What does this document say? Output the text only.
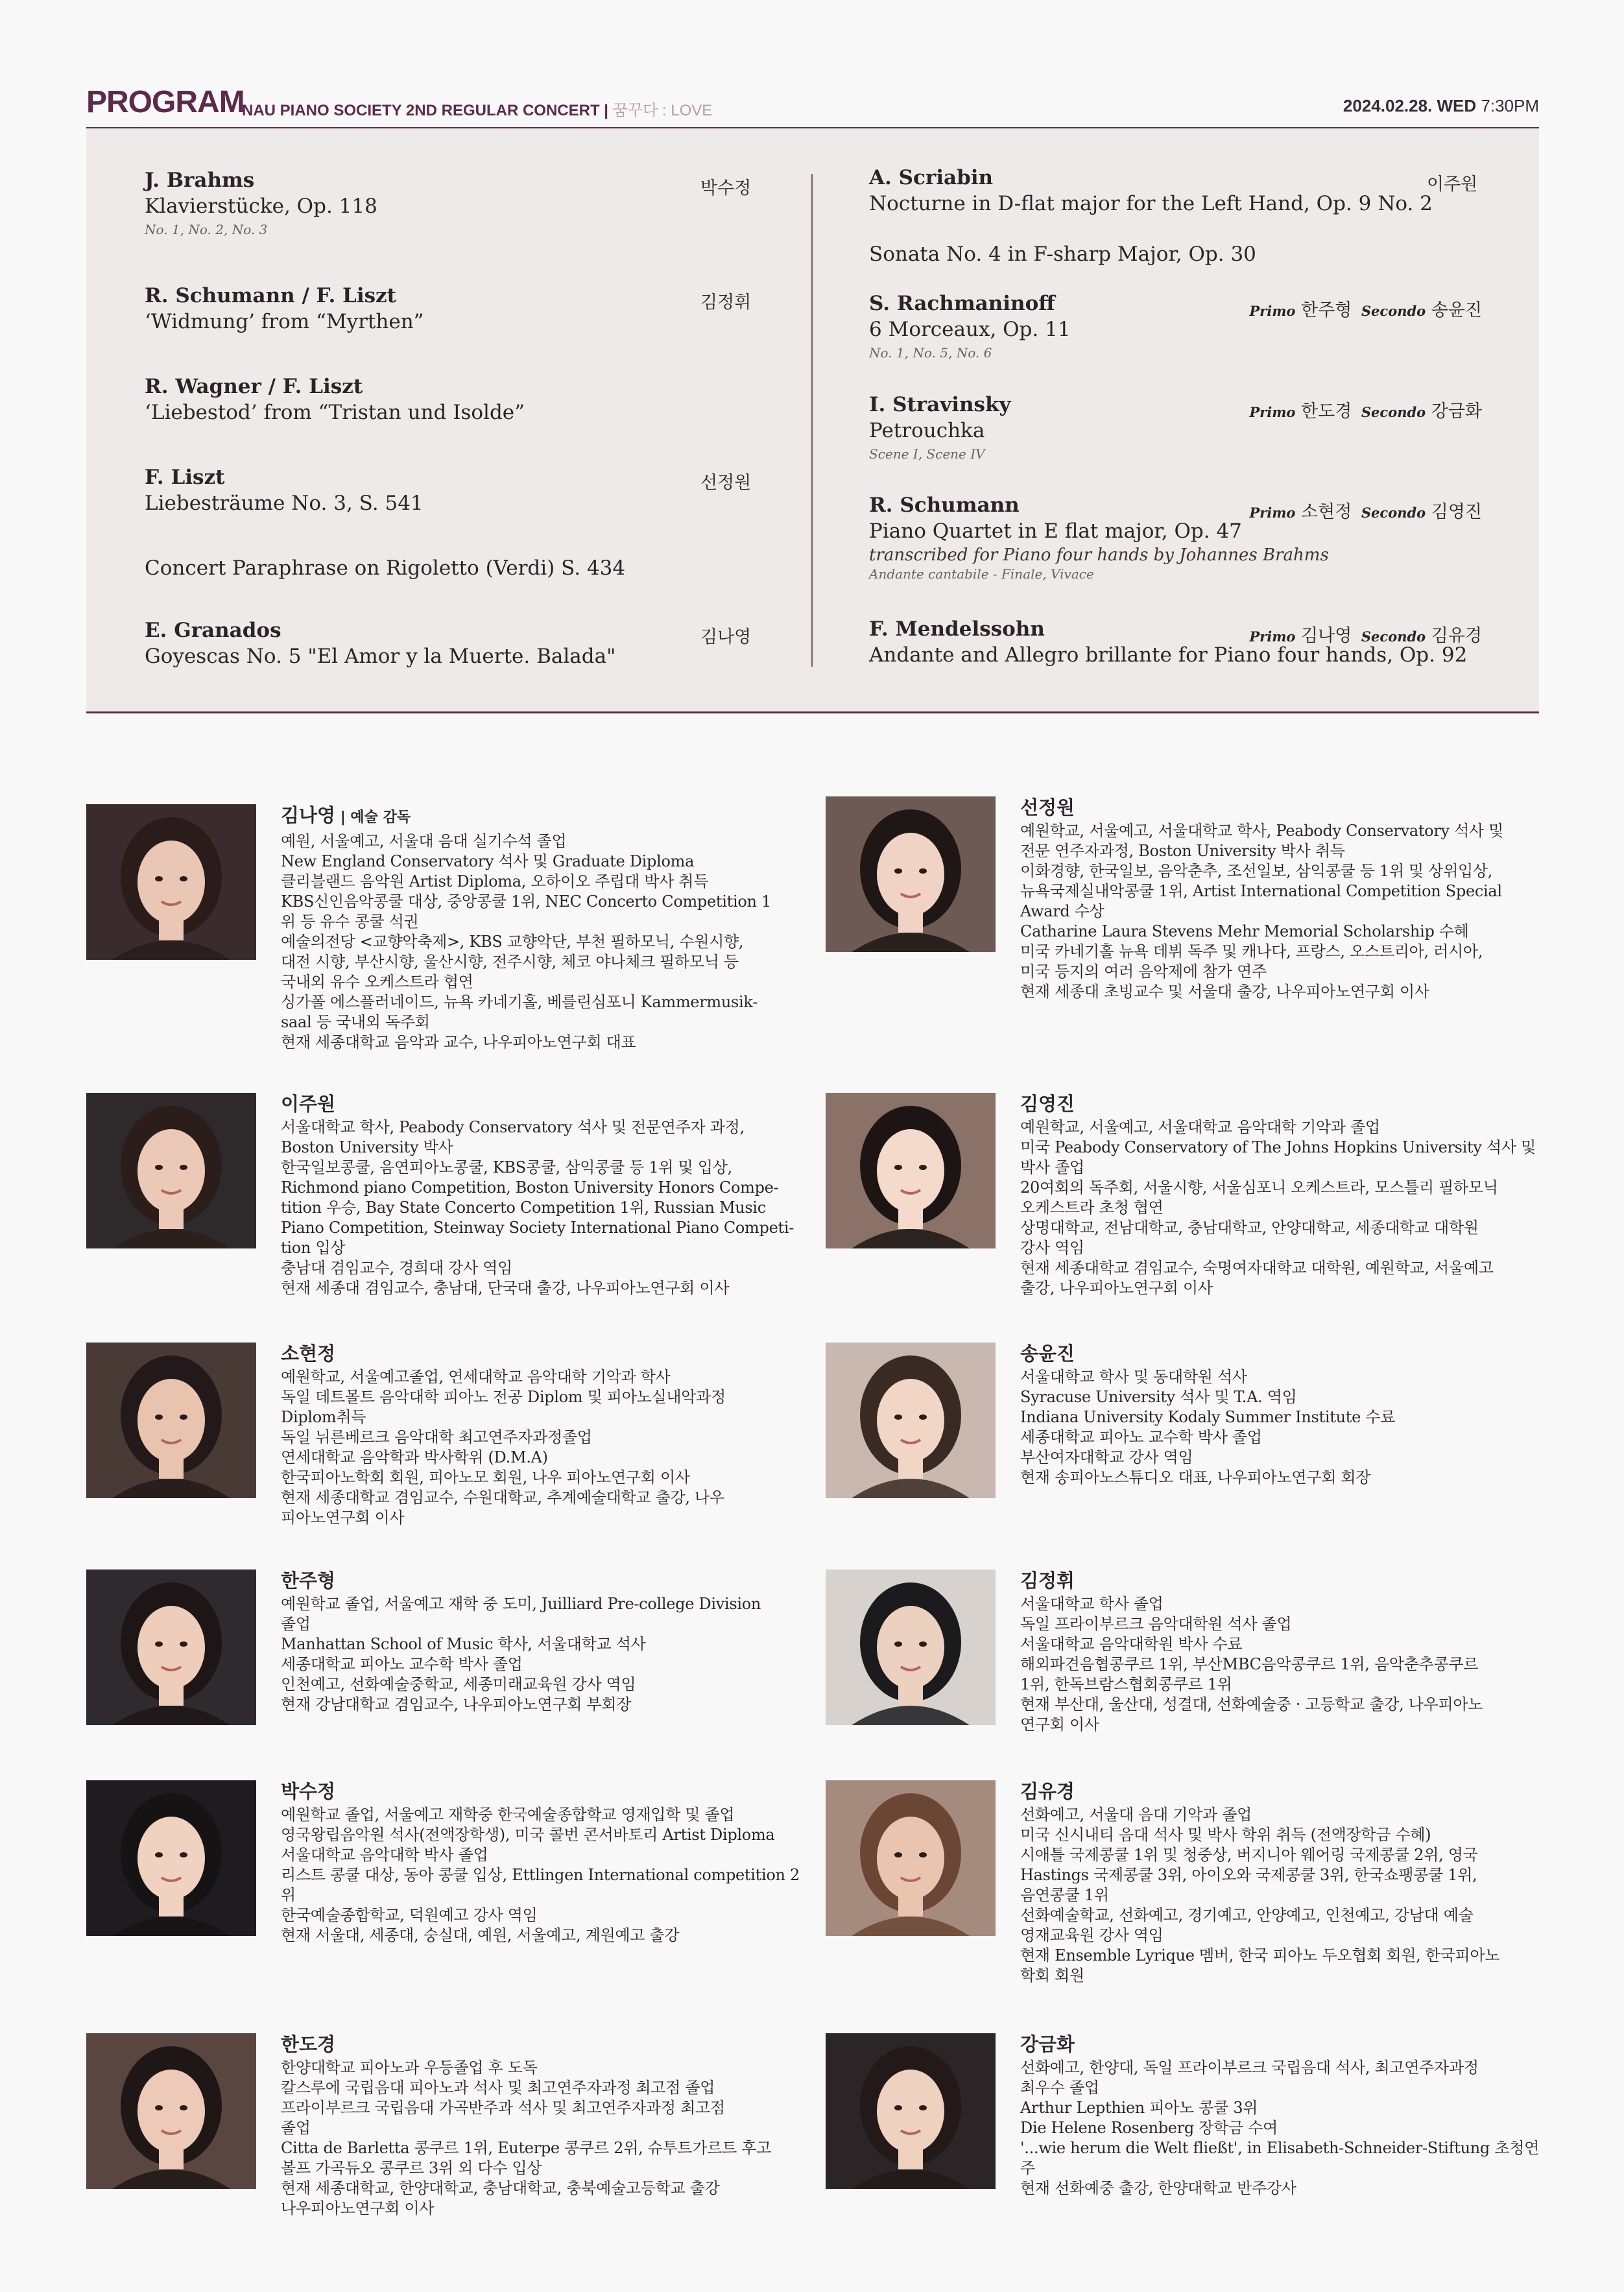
PROGRAM
NAU PIANO SOCIETY 2ND REGULAR CONCERT | 꿈꾸다 : LOVE	2024.02.28. WED 7:30PM
J. Brahms
Klavierstücke, Op. 118
No. 1, No. 2, No. 3
박수정
R. Schumann / F. Liszt
‘Widmung’ from “Myrthen”
김정휘
R. Wagner / F. Liszt
‘Liebestod’ from “Tristan und Isolde”
F. Liszt
Liebesträume No. 3, S. 541
선정원
Concert Paraphrase on Rigoletto (Verdi) S. 434
E. Granados
Goyescas No. 5 "El Amor y la Muerte. Balada"
김나영
A. Scriabin
Nocturne in D-flat major for the Left Hand, Op. 9 No. 2
이주원
Sonata No. 4 in F-sharp Major, Op. 30
S. Rachmaninoff
6 Morceaux, Op. 11
No. 1, No. 5, No. 6
Primo 한주형 Secondo 송윤진
I. Stravinsky
Petrouchka
Scene I, Scene IV
Primo 한도경 Secondo 강금화
R. Schumann
Piano Quartet in E flat major, Op. 47
transcribed for Piano four hands by Johannes Brahms
Andante cantabile - Finale, Vivace
Primo 소현정 Secondo 김영진
F. Mendelssohn
Andante and Allegro brillante for Piano four hands, Op. 92
Primo 김나영 Secondo 김유경
김나영 | 예술 감독
예원, 서울예고, 서울대 음대 실기수석 졸업
New England Conservatory 석사 및 Graduate Diploma
클리블랜드 음악원 Artist Diploma, 오하이오 주립대 박사 취득
KBS신인음악콩쿨 대상, 중앙콩쿨 1위, NEC Concerto Competition 1
위 등 유수 콩쿨 석권
예술의전당 <교향악축제>, KBS 교향악단, 부천 필하모닉, 수원시향,
대전 시향, 부산시향, 울산시향, 전주시향, 체코 야나체크 필하모닉 등
국내외 유수 오케스트라 협연
싱가폴 에스플러네이드, 뉴욕 카네기홀, 베를린심포니 Kammermusik-
saal 등 국내외 독주회
현재 세종대학교 음악과 교수, 나우피아노연구회 대표
선정원
예원학교, 서울예고, 서울대학교 학사, Peabody Conservatory 석사 및
전문 연주자과정, Boston University 박사 취득
이화경향, 한국일보, 음악춘추, 조선일보, 삼익콩쿨 등 1위 및 상위입상,
뉴욕국제실내악콩쿨 1위, Artist International Competition Special
Award 수상
Catharine Laura Stevens Mehr Memorial Scholarship 수혜
미국 카네기홀 뉴욕 데뷔 독주 및 캐나다, 프랑스, 오스트리아, 러시아,
미국 등지의 여러 음악제에 참가 연주
현재 세종대 초빙교수 및 서울대 출강, 나우피아노연구회 이사
이주원
서울대학교 학사, Peabody Conservatory 석사 및 전문연주자 과정,
Boston University 박사
한국일보콩쿨, 음연피아노콩쿨, KBS콩쿨, 삼익콩쿨 등 1위 및 입상,
Richmond piano Competition, Boston University Honors Compe-
tition 우승, Bay State Concerto Competition 1위, Russian Music
Piano Competition, Steinway Society International Piano Competi-
tion 입상
충남대 겸임교수, 경희대 강사 역임
현재 세종대 겸임교수, 충남대, 단국대 출강, 나우피아노연구회 이사
김영진
예원학교, 서울예고, 서울대학교 음악대학 기악과 졸업
미국 Peabody Conservatory of The Johns Hopkins University 석사 및
박사 졸업
20여회의 독주회, 서울시향, 서울심포니 오케스트라, 모스틀리 필하모닉
오케스트라 초청 협연
상명대학교, 전남대학교, 충남대학교, 안양대학교, 세종대학교 대학원
강사 역임
현재 세종대학교 겸임교수, 숙명여자대학교 대학원, 예원학교, 서울예고
출강, 나우피아노연구회 이사
소현정
예원학교, 서울예고졸업, 연세대학교 음악대학 기악과 학사
독일 데트몰트 음악대학 피아노 전공 Diplom 및 피아노실내악과정
Diplom취득
독일 뉘른베르크 음악대학 최고연주자과정졸업
연세대학교 음악학과 박사학위 (D.M.A)
한국피아노학회 회원, 피아노모 회원, 나우 피아노연구회 이사
현재 세종대학교 겸임교수, 수원대학교, 추계예술대학교 출강, 나우
피아노연구회 이사
송윤진
서울대학교 학사 및 동대학원 석사
Syracuse University 석사 및 T.A. 역임
Indiana University Kodaly Summer Institute 수료
세종대학교 피아노 교수학 박사 졸업
부산여자대학교 강사 역임
현재 송피아노스튜디오 대표, 나우피아노연구회 회장
한주형
예원학교 졸업, 서울예고 재학 중 도미, Juilliard Pre-college Division
졸업
Manhattan School of Music 학사, 서울대학교 석사
세종대학교 피아노 교수학 박사 졸업
인천예고, 선화예술중학교, 세종미래교육원 강사 역임
현재 강남대학교 겸임교수, 나우피아노연구회 부회장
김정휘
서울대학교 학사 졸업
독일 프라이부르크 음악대학원 석사 졸업
서울대학교 음악대학원 박사 수료
해외파견음협콩쿠르 1위, 부산MBC음악콩쿠르 1위, 음악춘추콩쿠르
1위, 한독브람스협회콩쿠르 1위
현재 부산대, 울산대, 성결대, 선화예술중 · 고등학교 출강, 나우피아노
연구회 이사
박수정
예원학교 졸업, 서울예고 재학중 한국예술종합학교 영재입학 및 졸업
영국왕립음악원 석사(전액장학생), 미국 콜번 콘서바토리 Artist Diploma
서울대학교 음악대학 박사 졸업
리스트 콩쿨 대상, 동아 콩쿨 입상, Ettlingen International competition 2위
한국예술종합학교, 덕원예고 강사 역임
현재 서울대, 세종대, 숭실대, 예원, 서울예고, 계원예고 출강
김유경
선화예고, 서울대 음대 기악과 졸업
미국 신시내티 음대 석사 및 박사 학위 취득 (전액장학금 수혜)
시애틀 국제콩쿨 1위 및 청중상, 버지니아 웨어링 국제콩쿨 2위, 영국
Hastings 국제콩쿨 3위, 아이오와 국제콩쿨 3위, 한국쇼팽콩쿨 1위,
음연콩쿨 1위
선화예술학교, 선화예고, 경기예고, 안양예고, 인천예고, 강남대 예술
영재교육원 강사 역임
현재 Ensemble Lyrique 멤버, 한국 피아노 두오협회 회원, 한국피아노
학회 회원
한도경
한양대학교 피아노과 우등졸업 후 도독
칼스루에 국립음대 피아노과 석사 및 최고연주자과정 최고점 졸업
프라이부르크 국립음대 가곡반주과 석사 및 최고연주자과정 최고점
졸업
Citta de Barletta 콩쿠르 1위, Euterpe 콩쿠르 2위, 슈투트가르트 후고
볼프 가곡듀오 콩쿠르 3위 외 다수 입상
현재 세종대학교, 한양대학교, 충남대학교, 충북예술고등학교 출강
나우피아노연구회 이사
강금화
선화예고, 한양대, 독일 프라이부르크 국립음대 석사, 최고연주자과정
최우수 졸업
Arthur Lepthien 피아노 콩쿨 3위
Die Helene Rosenberg 장학금 수여
'...wie herum die Welt fließt', in Elisabeth-Schneider-Stiftung 초청연주
현재 선화예중 출강, 한양대학교 반주강사
